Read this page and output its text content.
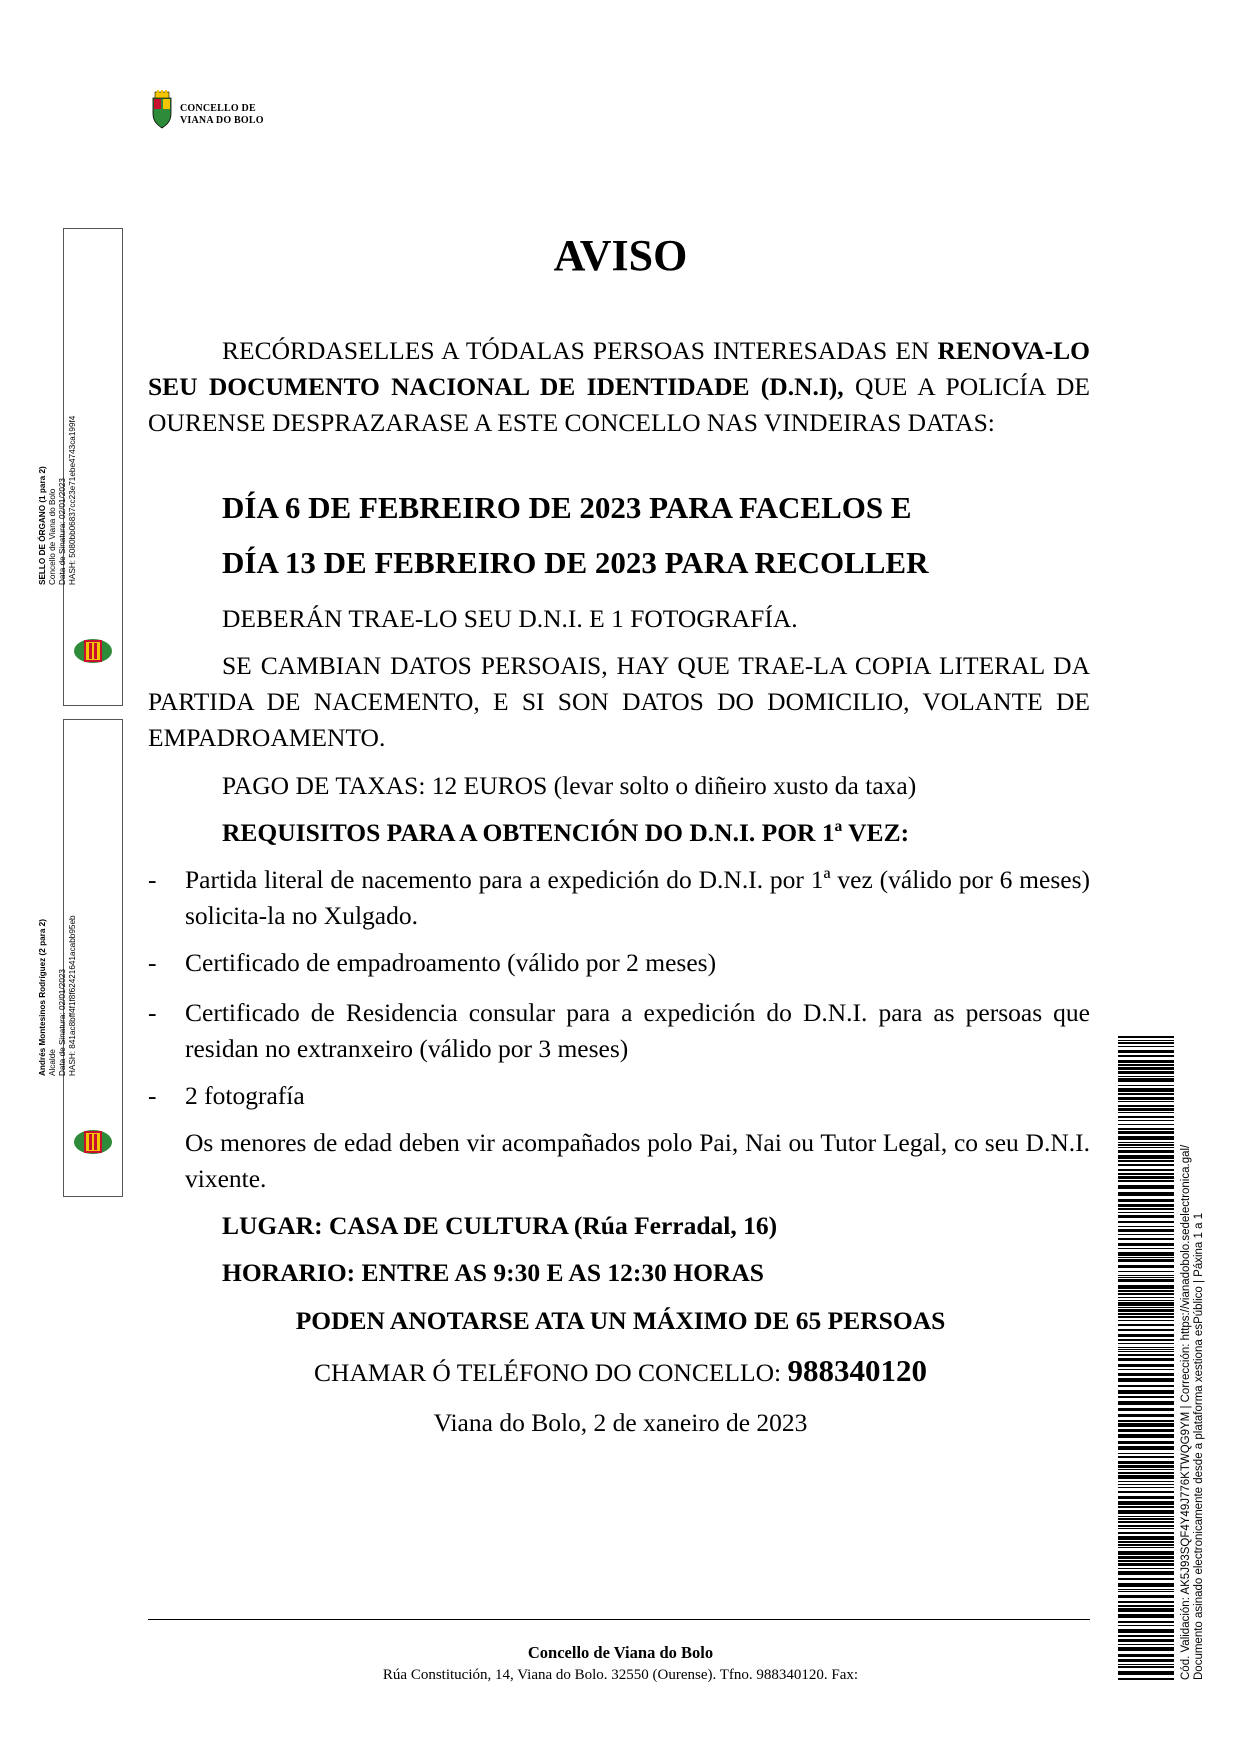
CONCELLO DE
VIANA DO BOLO
SELLO DE ÓRGANO (1 para 2) Concello de Viana do Bolo Data de Sinatura: 02/01/2023 HASH: 5080bb06837cc23e71ebe4743ca199f4
Andrés Montesinos Rodríguez (2 para 2) Alcalde Data de Sinatura: 02/01/2023 HASH: 841ac8bff4f1f8f62421641acabb95eb
AVISO
RECÓRDASELLES A TÓDALAS PERSOAS INTERESADAS EN RENOVA-LO SEU DOCUMENTO NACIONAL DE IDENTIDADE (D.N.I), QUE A POLICÍA DE OURENSE DESPRAZARASE A ESTE CONCELLO NAS VINDEIRAS DATAS:
DÍA 6 DE FEBREIRO DE 2023 PARA FACELOS E
DÍA 13 DE FEBREIRO DE 2023 PARA RECOLLER
DEBERÁN TRAE-LO SEU D.N.I. E 1 FOTOGRAFÍA.
SE CAMBIAN DATOS PERSOAIS, HAY QUE TRAE-LA COPIA LITERAL DA PARTIDA DE NACEMENTO, E SI SON DATOS DO DOMICILIO, VOLANTE DE EMPADROAMENTO.
PAGO DE TAXAS: 12 EUROS (levar solto o diñeiro xusto da taxa)
REQUISITOS PARA A OBTENCIÓN DO D.N.I. POR 1ª VEZ:
- Partida literal de nacemento para a expedición do D.N.I. por 1ª vez (válido por 6 meses) solicita-la no Xulgado.
- Certificado de empadroamento (válido por 2 meses)
- Certificado de Residencia consular para a expedición do D.N.I. para as persoas que residan no extranxeiro (válido por 3 meses)
- 2 fotografía
Os menores de edad deben vir acompañados polo Pai, Nai ou Tutor Legal, co seu D.N.I. vixente.
LUGAR: CASA DE CULTURA (Rúa Ferradal, 16)
HORARIO: ENTRE AS 9:30 E AS 12:30 HORAS
PODEN ANOTARSE ATA UN MÁXIMO DE 65 PERSOAS
CHAMAR Ó TELÉFONO DO CONCELLO: 988340120
Viana do Bolo, 2 de xaneiro de 2023
Concello de Viana do Bolo
Rúa Constitución, 14, Viana do Bolo. 32550 (Ourense). Tfno. 988340120. Fax:	Cód. Validación: AK5J93SQF4Y49J776KTWQG9YM | Corrección: https://vianadobolo.sedelectronica.gal/ Documento asinado electronicamente desde a plataforma xestiona esPúblico | Páxina 1 a 1
